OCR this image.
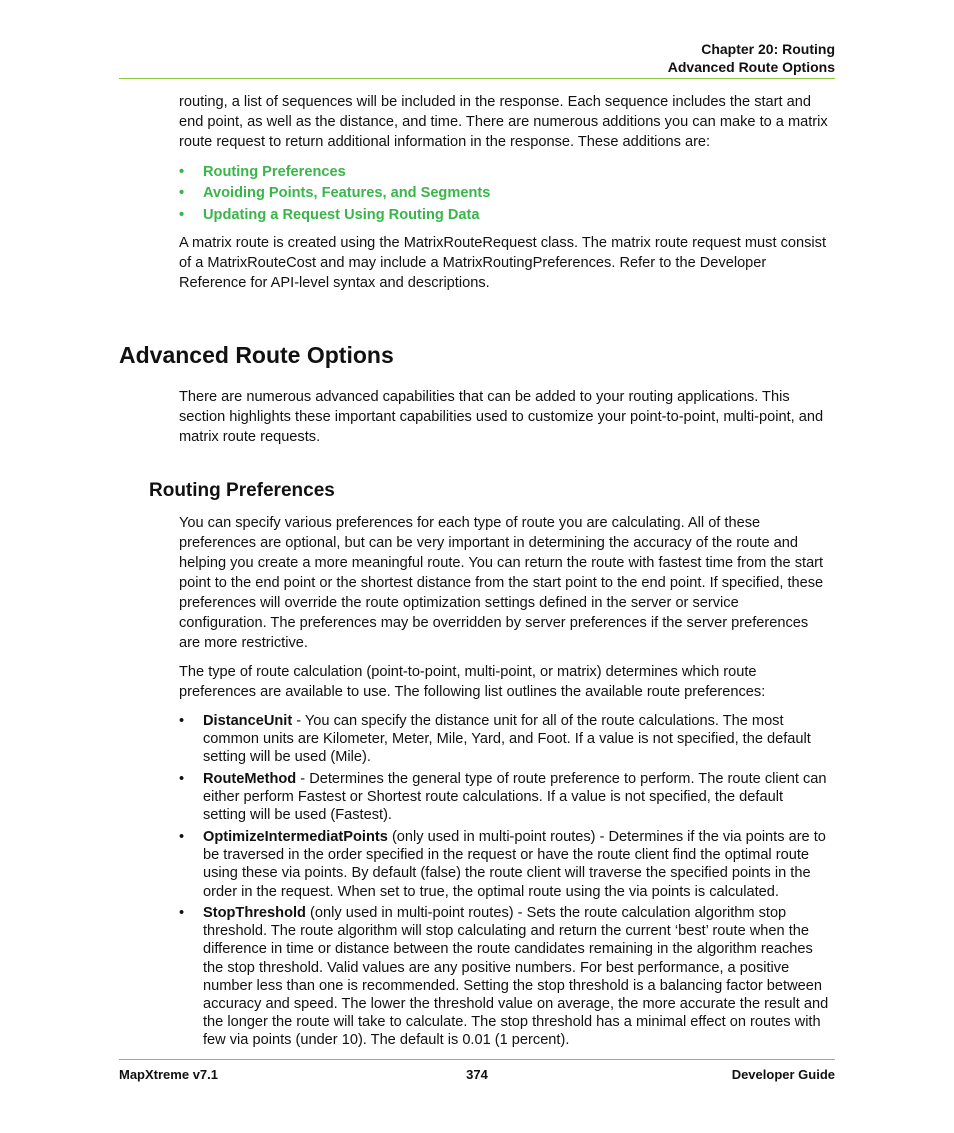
Chapter 20: Routing
Advanced Route Options
routing, a list of sequences will be included in the response. Each sequence includes the start and
end point, as well as the distance, and time. There are numerous additions you can make to a matrix
route request to return additional information in the response. These additions are:
• Routing Preferences
• Avoiding Points, Features, and Segments
• Updating a Request Using Routing Data
A matrix route is created using the MatrixRouteRequest class. The matrix route request must consist
of a MatrixRouteCost and may include a MatrixRoutingPreferences. Refer to the Developer
Reference for API-level syntax and descriptions.
Advanced Route Options
There are numerous advanced capabilities that can be added to your routing applications. This
section highlights these important capabilities used to customize your point-to-point, multi-point, and
matrix route requests.
Routing Preferences
You can specify various preferences for each type of route you are calculating. All of these
preferences are optional, but can be very important in determining the accuracy of the route and
helping you create a more meaningful route. You can return the route with fastest time from the start
point to the end point or the shortest distance from the start point to the end point. If specified, these
preferences will override the route optimization settings defined in the server or service
configuration. The preferences may be overridden by server preferences if the server preferences
are more restrictive.
The type of route calculation (point-to-point, multi-point, or matrix) determines which route
preferences are available to use. The following list outlines the available route preferences:
• DistanceUnit - You can specify the distance unit for all of the route calculations. The most
common units are Kilometer, Meter, Mile, Yard, and Foot. If a value is not specified, the default
setting will be used (Mile).
• RouteMethod - Determines the general type of route preference to perform. The route client can
either perform Fastest or Shortest route calculations. If a value is not specified, the default
setting will be used (Fastest).
• OptimizeIntermediatPoints (only used in multi-point routes) - Determines if the via points are to
be traversed in the order specified in the request or have the route client find the optimal route
using these via points. By default (false) the route client will traverse the specified points in the
order in the request. When set to true, the optimal route using the via points is calculated.
• StopThreshold (only used in multi-point routes) - Sets the route calculation algorithm stop
threshold. The route algorithm will stop calculating and return the current ‘best’ route when the
difference in time or distance between the route candidates remaining in the algorithm reaches
the stop threshold. Valid values are any positive numbers. For best performance, a positive
number less than one is recommended. Setting the stop threshold is a balancing factor between
accuracy and speed. The lower the threshold value on average, the more accurate the result and
the longer the route will take to calculate. The stop threshold has a minimal effect on routes with
few via points (under 10). The default is 0.01 (1 percent).
MapXtreme v7.1	374	Developer Guide
